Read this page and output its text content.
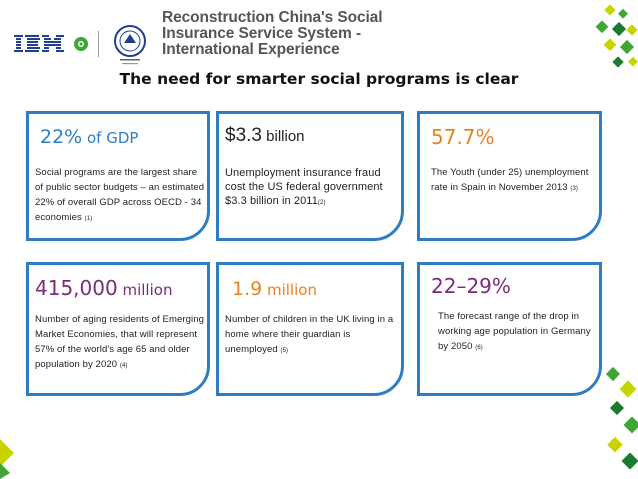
Reconstruction China's Social
Insurance Service System -
International Experience
The need for smarter social programs is clear
22% of GDP
Social programs are the largest share of public sector budgets – an estimated 22% of overall GDP across OECD - 34 economies (1)
$3.3 billion
Unemployment insurance fraud cost the US federal government $3.3 billion in 2011(2)
57.7%
The Youth (under 25) unemployment rate in Spain in November 2013 (3)
415,000 million
Number of aging residents of Emerging Market Economies, that will represent 57% of the world's age 65 and older population by 2020 (4)
1.9 million
Number of children in the UK living in a home where their guardian is unemployed (5)
22–29%
The forecast range of the drop in working age population in Germany by 2050 (6)
